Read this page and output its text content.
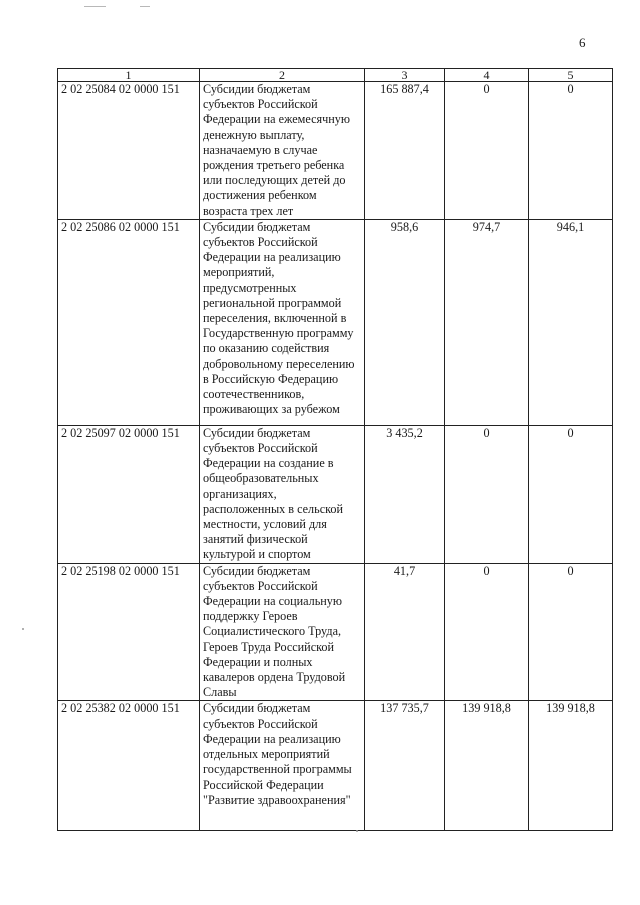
6
1	2	3	4	5
2 02 25084 02 0000 151	Субсидии бюджетам субъектов Российской Федерации на ежемесячную денежную выплату, назначаемую в случае рождения третьего ребенка или последующих детей до достижения ребенком возраста трех лет	165 887,4	0	0
2 02 25086 02 0000 151	Субсидии бюджетам субъектов Российской Федерации на реализацию мероприятий, предусмотренных региональной программой переселения, включенной в Государственную программу по оказанию содействия добровольному переселению в Российскую Федерацию соотечественников, проживающих за рубежом	958,6	974,7	946,1
2 02 25097 02 0000 151	Субсидии бюджетам субъектов Российской Федерации на создание в общеобразовательных организациях, расположенных в сельской местности, условий для занятий физической культурой и спортом	3 435,2	0	0
2 02 25198 02 0000 151	Субсидии бюджетам субъектов Российской Федерации на социальную поддержку Героев Социалистического Труда, Героев Труда Российской Федерации и полных кавалеров ордена Трудовой Славы	41,7	0	0
2 02 25382 02 0000 151	Субсидии бюджетам субъектов Российской Федерации на реализацию отдельных мероприятий государственной программы Российской Федерации "Развитие здравоохранения"	137 735,7	139 918,8	139 918,8
